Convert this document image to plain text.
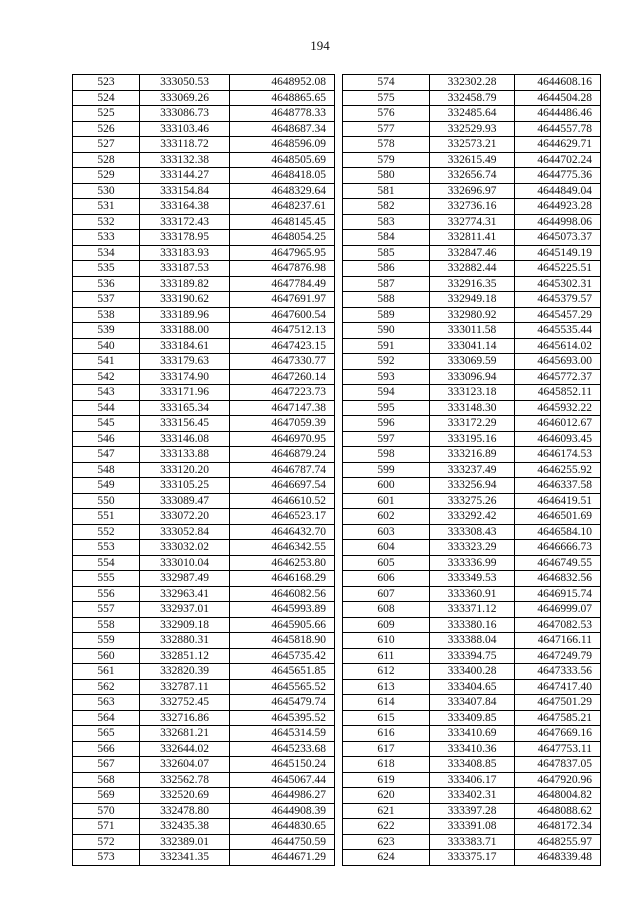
194
523	333050.53	4648952.08
524	333069.26	4648865.65
525	333086.73	4648778.33
526	333103.46	4648687.34
527	333118.72	4648596.09
528	333132.38	4648505.69
529	333144.27	4648418.05
530	333154.84	4648329.64
531	333164.38	4648237.61
532	333172.43	4648145.45
533	333178.95	4648054.25
534	333183.93	4647965.95
535	333187.53	4647876.98
536	333189.82	4647784.49
537	333190.62	4647691.97
538	333189.96	4647600.54
539	333188.00	4647512.13
540	333184.61	4647423.15
541	333179.63	4647330.77
542	333174.90	4647260.14
543	333171.96	4647223.73
544	333165.34	4647147.38
545	333156.45	4647059.39
546	333146.08	4646970.95
547	333133.88	4646879.24
548	333120.20	4646787.74
549	333105.25	4646697.54
550	333089.47	4646610.52
551	333072.20	4646523.17
552	333052.84	4646432.70
553	333032.02	4646342.55
554	333010.04	4646253.80
555	332987.49	4646168.29
556	332963.41	4646082.56
557	332937.01	4645993.89
558	332909.18	4645905.66
559	332880.31	4645818.90
560	332851.12	4645735.42
561	332820.39	4645651.85
562	332787.11	4645565.52
563	332752.45	4645479.74
564	332716.86	4645395.52
565	332681.21	4645314.59
566	332644.02	4645233.68
567	332604.07	4645150.24
568	332562.78	4645067.44
569	332520.69	4644986.27
570	332478.80	4644908.39
571	332435.38	4644830.65
572	332389.01	4644750.59
573	332341.35	4644671.29
574	332302.28	4644608.16
575	332458.79	4644504.28
576	332485.64	4644486.46
577	332529.93	4644557.78
578	332573.21	4644629.71
579	332615.49	4644702.24
580	332656.74	4644775.36
581	332696.97	4644849.04
582	332736.16	4644923.28
583	332774.31	4644998.06
584	332811.41	4645073.37
585	332847.46	4645149.19
586	332882.44	4645225.51
587	332916.35	4645302.31
588	332949.18	4645379.57
589	332980.92	4645457.29
590	333011.58	4645535.44
591	333041.14	4645614.02
592	333069.59	4645693.00
593	333096.94	4645772.37
594	333123.18	4645852.11
595	333148.30	4645932.22
596	333172.29	4646012.67
597	333195.16	4646093.45
598	333216.89	4646174.53
599	333237.49	4646255.92
600	333256.94	4646337.58
601	333275.26	4646419.51
602	333292.42	4646501.69
603	333308.43	4646584.10
604	333323.29	4646666.73
605	333336.99	4646749.55
606	333349.53	4646832.56
607	333360.91	4646915.74
608	333371.12	4646999.07
609	333380.16	4647082.53
610	333388.04	4647166.11
611	333394.75	4647249.79
612	333400.28	4647333.56
613	333404.65	4647417.40
614	333407.84	4647501.29
615	333409.85	4647585.21
616	333410.69	4647669.16
617	333410.36	4647753.11
618	333408.85	4647837.05
619	333406.17	4647920.96
620	333402.31	4648004.82
621	333397.28	4648088.62
622	333391.08	4648172.34
623	333383.71	4648255.97
624	333375.17	4648339.48
